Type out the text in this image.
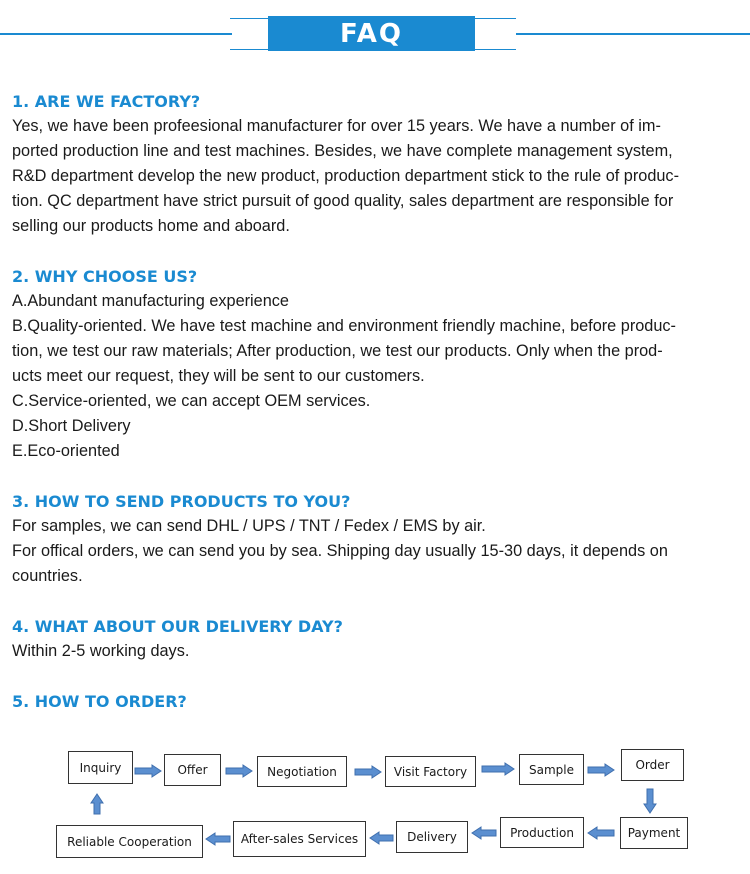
FAQ
1. ARE WE FACTORY?
Yes, we have been profeesional manufacturer for over 15 years. We have a number of im-
ported production line and test machines. Besides, we have complete management system,
R&D department develop the new product, production department stick to the rule of produc-
tion. QC department have strict pursuit of good quality, sales department are responsible for
selling our products home and aboard.
2. WHY CHOOSE US?
A.Abundant manufacturing experience
B.Quality-oriented. We have test machine and environment friendly machine, before produc-
tion, we test our raw materials; After production, we test our products. Only when the prod-
ucts meet our request, they will be sent to our customers.
C.Service-oriented, we can accept OEM services.
D.Short Delivery
E.Eco-oriented
3. HOW TO SEND PRODUCTS TO YOU?
For samples, we can send DHL / UPS / TNT / Fedex / EMS by air.
For offical orders, we can send you by sea. Shipping day usually 15-30 days, it depends on
countries.
4. WHAT ABOUT OUR DELIVERY DAY?
Within 2-5 working days.
5. HOW TO ORDER?
Inquiry	Offer	Negotiation	Visit Factory	Sample	Order
Payment
Production
Delivery
After-sales Services
Reliable Cooperation
